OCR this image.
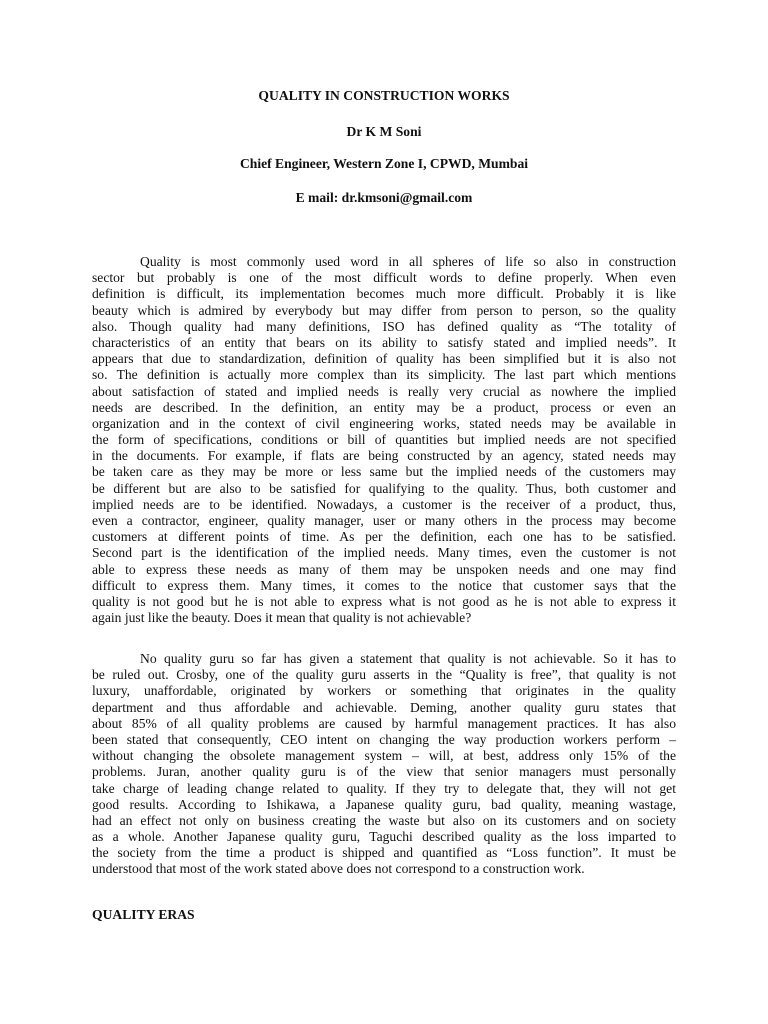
QUALITY IN CONSTRUCTION WORKS
Dr K M Soni
Chief Engineer, Western Zone I, CPWD, Mumbai
E mail: dr.kmsoni@gmail.com
Quality is most commonly used word in all spheres of life so also in construction
sector but probably is one of the most difficult words to define properly. When even
definition is difficult, its implementation becomes much more difficult. Probably it is like
beauty which is admired by everybody but may differ from person to person, so the quality
also. Though quality had many definitions, ISO has defined quality as “The totality of
characteristics of an entity that bears on its ability to satisfy stated and implied needs”. It
appears that due to standardization, definition of quality has been simplified but it is also not
so. The definition is actually more complex than its simplicity. The last part which mentions
about satisfaction of stated and implied needs is really very crucial as nowhere the implied
needs are described. In the definition, an entity may be a product, process or even an
organization and in the context of civil engineering works, stated needs may be available in
the form of specifications, conditions or bill of quantities but implied needs are not specified
in the documents. For example, if flats are being constructed by an agency, stated needs may
be taken care as they may be more or less same but the implied needs of the customers may
be different but are also to be satisfied for qualifying to the quality. Thus, both customer and
implied needs are to be identified. Nowadays, a customer is the receiver of a product, thus,
even a contractor, engineer, quality manager, user or many others in the process may become
customers at different points of time. As per the definition, each one has to be satisfied.
Second part is the identification of the implied needs. Many times, even the customer is not
able to express these needs as many of them may be unspoken needs and one may find
difficult to express them. Many times, it comes to the notice that customer says that the
quality is not good but he is not able to express what is not good as he is not able to express it
again just like the beauty. Does it mean that quality is not achievable?
No quality guru so far has given a statement that quality is not achievable. So it has to
be ruled out. Crosby, one of the quality guru asserts in the “Quality is free”, that quality is not
luxury, unaffordable, originated by workers or something that originates in the quality
department and thus affordable and achievable. Deming, another quality guru states that
about 85% of all quality problems are caused by harmful management practices. It has also
been stated that consequently, CEO intent on changing the way production workers perform –
without changing the obsolete management system – will, at best, address only 15% of the
problems. Juran, another quality guru is of the view that senior managers must personally
take charge of leading change related to quality. If they try to delegate that, they will not get
good results. According to Ishikawa, a Japanese quality guru, bad quality, meaning wastage,
had an effect not only on business creating the waste but also on its customers and on society
as a whole. Another Japanese quality guru, Taguchi described quality as the loss imparted to
the society from the time a product is shipped and quantified as “Loss function”. It must be
understood that most of the work stated above does not correspond to a construction work.
QUALITY ERAS
